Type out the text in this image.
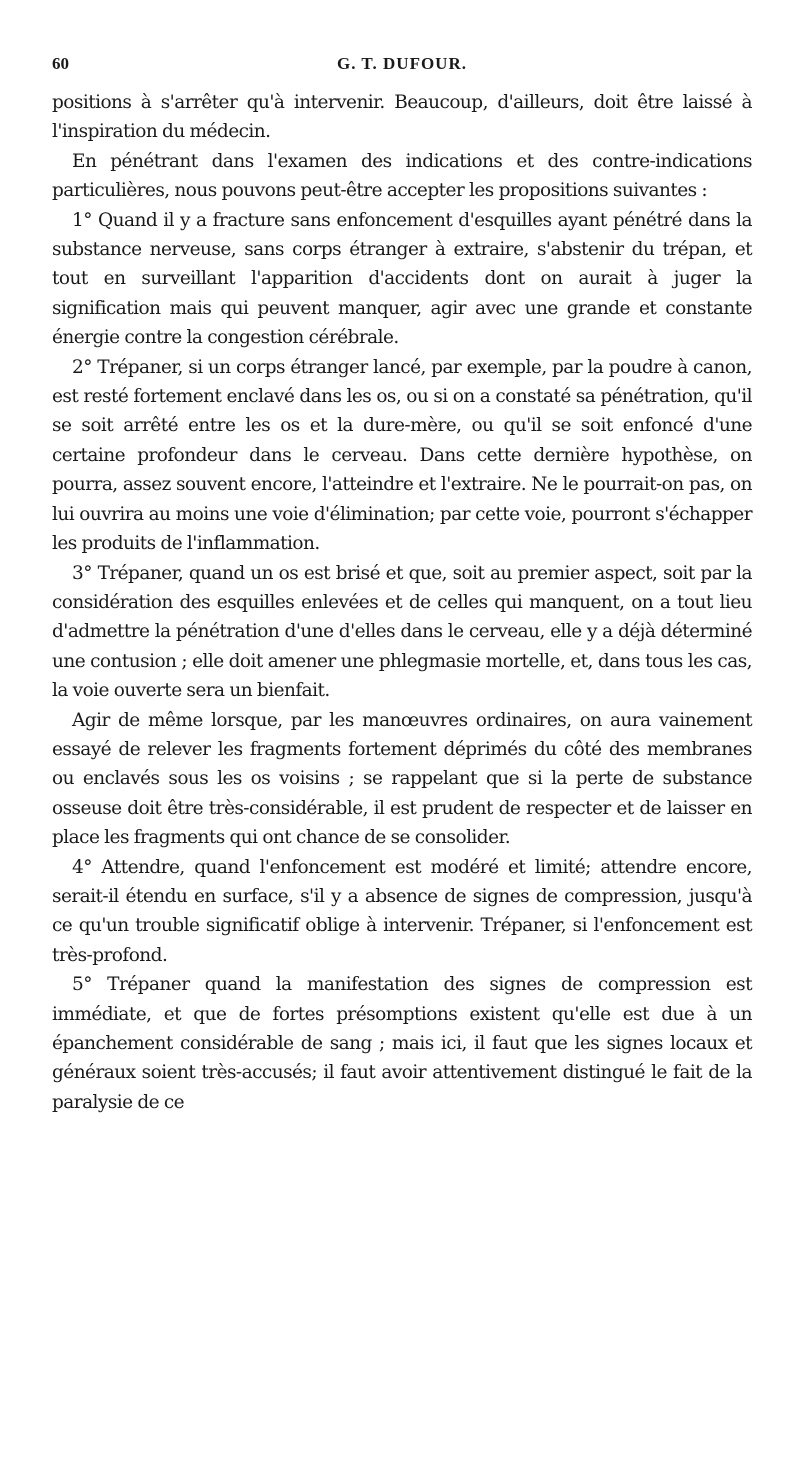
60	G. T. DUFOUR.

positions à s'arrêter qu'à intervenir. Beaucoup, d'ailleurs, doit être laissé à l'inspiration du médecin.

En pénétrant dans l'examen des indications et des contre-indications particulières, nous pouvons peut-être accepter les propositions suivantes :

1° Quand il y a fracture sans enfoncement d'esquilles ayant pénétré dans la substance nerveuse, sans corps étranger à extraire, s'abstenir du trépan, et tout en surveillant l'apparition d'accidents dont on aurait à juger la signification mais qui peuvent manquer, agir avec une grande et constante énergie contre la congestion cérébrale.

2° Trépaner, si un corps étranger lancé, par exemple, par la poudre à canon, est resté fortement enclavé dans les os, ou si on a constaté sa pénétration, qu'il se soit arrêté entre les os et la dure-mère, ou qu'il se soit enfoncé d'une certaine profondeur dans le cerveau. Dans cette dernière hypothèse, on pourra, assez souvent encore, l'atteindre et l'extraire. Ne le pourrait-on pas, on lui ouvrira au moins une voie d'élimination; par cette voie, pourront s'échapper les produits de l'inflammation.

3° Trépaner, quand un os est brisé et que, soit au premier aspect, soit par la considération des esquilles enlevées et de celles qui manquent, on a tout lieu d'admettre la pénétration d'une d'elles dans le cerveau, elle y a déjà déterminé une contusion ; elle doit amener une phlegmasie mortelle, et, dans tous les cas, la voie ouverte sera un bienfait.

Agir de même lorsque, par les manœuvres ordinaires, on aura vainement essayé de relever les fragments fortement déprimés du côté des membranes ou enclavés sous les os voisins ; se rappelant que si la perte de substance osseuse doit être très-considérable, il est prudent de respecter et de laisser en place les fragments qui ont chance de se consolider.

4° Attendre, quand l'enfoncement est modéré et limité; attendre encore, serait-il étendu en surface, s'il y a absence de signes de compression, jusqu'à ce qu'un trouble significatif oblige à intervenir. Trépaner, si l'enfoncement est très-profond.

5° Trépaner quand la manifestation des signes de compression est immédiate, et que de fortes présomptions existent qu'elle est due à un épanchement considérable de sang ; mais ici, il faut que les signes locaux et généraux soient très-accusés; il faut avoir attentivement distingué le fait de la paralysie de ce
